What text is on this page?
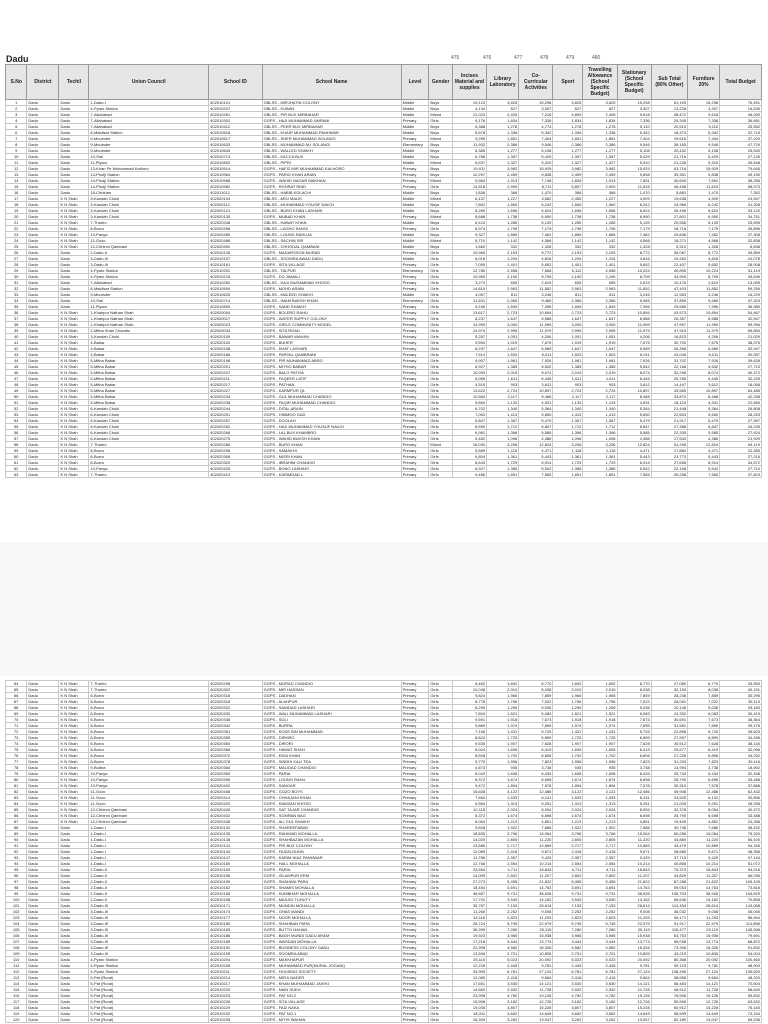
Dadu	475	476	477	478	479	480
S.No	District	Techil	Union Council	School ID	School Name	Level	Gender	Incises Material and supplies	Library Laboratory	Co-Curricular Activities	Sport	Travelling Allowance (School Specific Budget)	Stationary (School Specific Budget)	Sub Total (80% Other)	Furniture 20%	Total Budget
1	Dadu	Dadu	1-Dadu-I	402010101	GBLSS - MIRJHATIN COLONY	Middle	Boys	19,123	3,825	15,298	3,825	3,825	15,298	61,193	15,298	76,491
2	Dadu	Dadu	4-Pyaro Station	402010207	GBLSS - KUBAN	Middle	Boys	4,134	827	3,307	827	827	3,307	13,228	3,307	16,535
3	Dadu	Dadu	7-Allahabad	402010281	GBLSS - PIR BUX MIRBAHAR	Middle	Mixed	12,023	2,405	7,216	4,809	2,405	9,618	38,472	9,618	48,090
4	Dadu	Dadu	7-Allahabad	402010302	GGPS - HAJI MUHAMMAD UMRANI	Primary	Girls	9,176	1,834	7,336	1,834	1,834	7,336	29,345	7,336	36,681
5	Dadu	Dadu	7-Allahabad	402010412	GBLSS - PEER BUX MIRBAHAR	Middle	Boys	6,388	1,278	4,774	1,278	1,278	5,110	20,510	5,110	25,552
6	Dadu	Dadu	8-Maldisar Station	402010518	GBLSS - KHAIR MUHAMMAD PANHWAR	Middle	Boys	6,678	1,336	5,342	1,336	1,336	5,342	18,373	5,342	22,715
7	Dadu	Dadu	9-Mouinder	402010617	GBLSS - SHER MUHAMMAD SOLANGI	Primary	Mixed	9,255	1,851	7,404	1,851	1,851	7,404	29,616	7,404	37,020
8	Dadu	Dadu	9-Mouinder	402010633	GBLSS - MUHAMMAD ALI SOLANGI	Elementary	Boys	11,932	2,386	9,546	2,386	2,386	9,546	38,183	9,546	47,729
9	Dadu	Dadu	9-Mouinder	402010645	GBLSS - WALLED SHAIKH	Middle	Boys	6,385	1,277	5,108	1,277	1,277	5,108	20,432	5,108	25,540
10	Dadu	Dadu	10-Sial	402010713	GBLSS - KACCA BUX	Middle	Boys	6,786	1,357	5,429	1,357	1,357	5,429	21,716	5,429	27,145
11	Dadu	Dadu	11-Piyaro	402010802	GBLSS - PIPRI	Middle	Mixed	6,637	1,327	5,310	1,327	1,327	5,310	21,238	5,310	26,548
12	Dadu	Dadu	13-Khan Pir Muhammad Kalhoro	402010914	GGPS - HAFIZ MIR MUHAMMAD KALHORO	Primary	Boys	19,911	3,982	15,929	3,982	3,982	15,929	63,716	15,929	79,645
13	Dadu	Dadu	14-Phulji Station	402010964	GGPS - PARIO KHAN ARAIN	Primary	Boys	12,297	2,459	9,838	2,459	2,459	9,838	39,351	9,838	49,190
14	Dadu	Dadu	14-Phulji Station	402010968	GGPS - WAHID NAGAR MAKHAN	Primary	Mixed	9,564	1,913	7,748	1,826	1,913	7,651	30,605	7,651	38,256
15	Dadu	Dadu	14-Phulji Station	402010982	GGPS - ROHRAT RIND	Primary	Girls	14,518	2,900	8,711	5,807	2,900	11,615	46,458	11,615	58,073
16	Dadu	Dadu	18-Chhirian	402011012	GBLSS - HABIB KOLACHI	Middle	Boys	1,838	368	1,470	368	368	1,470	5,881	1,470	7,352
17	Dadu	K N Shah	3-Kandah Chuki	402020104	GBLSS - ARIJ MALIK	Middle	Mixed	6,137	1,227	3,682	2,455	1,227	4,909	19,638	4,909	24,547
18	Dadu	K N Shah	3-Kandah Chuki	402020112	GBLSS - MUHAMMAD YOUSIF NAICH	Middle	Boys	7,802	1,560	6,242	1,560	1,560	6,242	24,966	6,242	31,208
19	Dadu	K N Shah	3-Kandah Chuki	402020121	GBLSS - BURO KHAN LASHARI	Middle	Boys	8,280	1,656	6,624	1,656	1,656	6,624	26,496	6,624	33,120
20	Dadu	K N Shah	3-Kandah Chuki	402020135	GGPS - MUBAD KHAN	Primary	Mixed	8,688	1,738	6,950	1,738	1,738	6,950	27,801	6,950	34,751
21	Dadu	K N Shah	7-Thariro	402020248	GBLSS - HAWAT KHAN	Middle	Boys	6,424	1,285	5,139	1,285	1,285	5,139	20,556	5,139	25,695
22	Dadu	K N Shah	8-Burra	402020398	GBLSS - LAGHO SANGI	Primary	Girls	8,974	1,795	7,179	1,795	1,795	7,179	28,718	7,179	35,896
23	Dadu	K N Shah	10-Panya	402020480	GBLSS - LOUNG RAHUJA	Middle	Boys	9,327	1,865	7,462	1,865	1,865	7,462	29,846	7,462	37,308
24	Dadu	K N Shah	11-Gozo	402020486	GBLSS - SACHIN SIR	Middle	Mixed	5,710	1,142	4,568	1,142	1,142	4,568	18,271	4,568	22,838
25	Dadu	K N Shah	12-Chhinni Qambani	402020492	GBLSS - CHHODAL QAMBANI	Middle	Boys	1,660	332	1,328	332	332	1,328	5,310	1,328	6,638
26	Dadu	Dadu	2-Dadu-II	402010128	GGPS - MADARSSON MURAD	Primary	Girls	10,965	2,193	8,772	2,193	2,193	8,772	35,087	8,772	43,859
27	Dadu	Dadu	3-Dadu-III	402010157	GBLSS - SOOMRA AWAD DADU	Middle	Girls	6,018	1,204	4,816	1,204	1,204	4,816	19,262	4,816	24,078
28	Dadu	Dadu	3-Dadu-III	402010161	GGPS - SITA VILLAGE	Primary	Girls	7,055	1,401	5,652	1,401	1,401	5,652	22,407	5,652	28,008
29	Dadu	Dadu	4-Pyaro Station	402010202	GBLSS - TALPUR	Elementary	Girls	12,780	2,556	7,668	5,112	2,556	10,224	40,895	10,224	51,119
30	Dadu	Dadu	4-Pyaro Station	402010216	GGPS - DO JAMALI	Primary	Girls	10,950	2,190	8,709	2,190	2,190	8,709	34,909	8,709	43,636
31	Dadu	Dadu	7-Allahabad	402010282	GBLSS - HAJI MUHAMMAD KHOSO	Primary	Girls	3,274	655	2,619	655	655	2,619	10,476	2,619	13,095
32	Dadu	Dadu	8-Maldisar Station	402010500	GGPS - MOHD ARAIN	Primary	Girls	14,815	2,963	11,852	2,963	2,963	11,852	47,403	11,852	59,255
33	Dadu	Dadu	9-Mouinder	402010625	GBLSS - MALEED SHAIKH	Middle	Girls	4,057	811	3,246	811	811	3,246	12,983	3,246	16,229
34	Dadu	Dadu	10-Sial	402010714	GBLSS - IMAM BAKSH KHAN	Elementary	Girls	11,831	2,366	9,465	2,366	2,366	9,465	37,859	9,465	47,324
35	Dadu	Dadu	11-Piyaro	402010809	GGPS - SAND SHAIKH	Primary	Girls	9,245	1,849	7,396	1,849	1,849	7,396	29,585	7,396	36,980
36	Dadu	K N Shah	1-Khairpur Nathan Shah	402020004	GGPS - BOLERO RAHU	Primary	Girls	13,617	2,723	10,894	2,723	2,723	10,894	43,573	10,894	54,467
37	Dadu	K N Shah	1-Khairpur Nathan Shah	402020017	GGPS - WATER SUPPLY COLONY	Primary	Girls	8,237	1,647	6,588	1,647	1,647	6,588	26,357	6,588	32,947
38	Dadu	K N Shah	1-Khairpur Nathan Shah	402020023	GGPS - GIRLS COMMUNITY MODEL	Primary	Girls	14,999	3,000	11,999	3,000	3,000	11,999	47,997	11,999	59,996
39	Dadu	K N Shah	2-Mitha Khan Chandio	402020034	GGPS - SITA ROAD	Primary	Girls	14,974	2,995	11,979	2,995	2,995	11,979	47,915	11,979	59,894
40	Dadu	K N Shah	3-Kandah Chuki	402020109	GGPS - BAWAR WAHAN	Primary	Girls	5,257	1,051	4,206	1,051	1,051	4,206	16,823	4,206	21,029
41	Dadu	K N Shah	4-Babar	402020153	GGPS - BUHER	Primary	Girls	9,594	1,919	7,675	1,919	1,919	7,675	30,700	7,675	38,375
42	Dadu	K N Shah	4-Babar	402020158	GGPS - KHAT LASHARI	Primary	Girls	8,237	1,647	6,589	1,647	1,647	6,589	26,358	6,589	32,947
43	Dadu	K N Shah	4-Babar	402020186	GGPS - PARYAL QAMBRANI	Primary	Girls	7,514	1,503	6,011	1,503	1,503	6,011	24,045	6,011	30,057
44	Dadu	K N Shah	5-Mitha Babar	402020198	GGPS - PIR MUHAMMAD ABRO	Primary	Girls	9,907	1,981	7,926	1,981	1,981	7,926	31,702	7,926	39,628
45	Dadu	K N Shah	5-Mitha Babar	402020201	GGPS - MITHO BABAR	Primary	Girls	6,927	1,385	5,542	1,385	1,385	5,542	22,168	5,542	27,710
46	Dadu	K N Shah	5-Mitha Babar	402020207	GGPS - BALO PATIYA	Primary	Girls	10,093	2,019	8,074	2,019	2,019	8,074	32,298	8,074	40,372
47	Dadu	K N Shah	5-Mitha Babar	402020211	GGPS - FAQEER LATIF	Primary	Girls	8,056	1,611	6,445	1,611	1,611	6,445	25,780	6,445	32,225
48	Dadu	K N Shah	5-Mitha Babar	402020217	GGPS - PATHAN	Primary	Girls	4,515	903	3,612	903	903	3,612	14,447	3,612	18,058
49	Dadu	K N Shah	5-Mitha Babar	402020227	GGPS - KARMPUR QL	Primary	Girls	13,622	2,724	10,897	2,724	2,724	10,897	43,589	10,897	54,486
50	Dadu	K N Shah	5-Mitha Babar	402020234	GGPS - GUL MUHAMMAD CHANDIO	Primary	Girls	10,584	2,117	8,468	2,117	2,117	8,468	33,870	8,468	42,338
51	Dadu	K N Shah	5-Mitha Babar	402020238	GGPS - FAQIR MUHAMMAD CHANDIO	Primary	Girls	5,664	1,133	4,531	1,133	1,133	4,531	18,124	4,531	22,655
52	Dadu	K N Shah	6-Kandah Chuki	402020244	GGPS - DITAL ARAIN	Primary	Girls	6,702	1,340	5,364	1,340	1,340	5,364	21,448	5,364	26,808
53	Dadu	K N Shah	6-Kandah Chuki	402020251	GGPS - HIMMOO GAD	Primary	Girls	7,063	1,413	5,650	1,413	1,413	5,650	22,603	5,650	28,253
54	Dadu	K N Shah	6-Kandah Chuki	402020257	GGPS - DOOLAH	Primary	Girls	6,847	1,367	5,479	1,367	1,367	5,479	21,917	5,479	27,397
55	Dadu	K N Shah	6-Kandah Chuki	402020262	GGPS - HAJI MUHAMMAD YOUSUF NAICH	Primary	Girls	8,559	1,712	6,847	1,712	1,712	6,847	27,388	6,847	34,235
56	Dadu	K N Shah	6-Kandah Chuki	402020268	GGPS - LAL BUX KHAMBRO	Primary	Girls	6,981	1,396	5,585	1,396	1,396	5,585	22,339	5,585	27,924
57	Dadu	K N Shah	6-Kandah Chuki	402020275	GGPS - WAHID BUKSH KHANI	Primary	Girls	5,482	1,096	4,386	1,096	1,096	4,386	17,543	4,386	21,929
58	Dadu	K N Shah	7-Thariro	402020280	GGPS - BURO KHAN	Primary	Mixed	16,030	3,206	12,824	3,206	3,206	12,824	51,295	12,824	64,119
59	Dadu	K N Shah	8-Burra	402020296	GGPS - SAMAKHI	Primary	Girls	5,589	1,118	4,471	1,118	1,118	4,471	17,884	4,471	22,355
60	Dadu	K N Shah	8-Burra	402020308	GGPS - MISRI KHAN	Primary	Girls	6,804	1,361	5,443	1,361	1,361	5,443	21,773	5,443	27,216
61	Dadu	K N Shah	8-Burra	402020320	GGPS - IBRAHIM CHANDIO	Primary	Girls	8,643	1,729	6,914	1,729	1,729	6,914	27,658	6,914	34,572
62	Dadu	K N Shah	10-Panya	402020425	GGPS - BONO LASHARI	Primary	Girls	6,927	1,385	5,542	1,385	1,385	5,542	22,168	5,542	27,710
63	Dadu	K N Shah	7-Thariro	402020413	GGPS - KARIMDAD L	Primary	Girls	9,456	1,891	7,565	1,891	1,891	7,565	30,258	7,565	37,823
64	Dadu	K N Shah	7-Thariro	402020298	GGPS - MORAD CHANDIO	Primary	Girls	8,462	1,692	6,770	1,692	1,692	6,770	27,080	6,770	33,850
65	Dadu	K N Shah	7-Thariro	402020302	GGPS - MIR HASSAN	Primary	Girls	10,048	2,010	8,038	2,010	2,010	8,038	32,153	8,038	40,191
66	Dadu	K N Shah	8-Burra	402020316	GGPS - DADHAN	Primary	Girls	9,824	1,965	7,859	1,965	1,965	7,859	28,236	7,859	35,295
67	Dadu	K N Shah	8-Burra	402020318	GGPS - ALAHPUR	Primary	Girls	8,778	1,756	7,022	1,756	1,756	7,022	28,091	7,022	35,113
68	Dadu	K N Shah	8-Burra	402020322	GGPS - SAINDAD LASHARI	Primary	Girls	6,295	1,259	5,036	1,259	1,259	5,036	20,146	5,036	25,183
69	Dadu	K N Shah	8-Burra	402020330	GGPS - WALI MUHAMMAD LASHARI	Primary	Girls	7,604	1,521	6,083	1,521	1,521	6,083	24,332	6,083	30,415
70	Dadu	K N Shah	8-Burra	402020336	GGPS - SOLI	Primary	Girls	9,591	1,918	7,673	1,918	1,918	7,673	30,691	7,673	38,364
71	Dadu	K N Shah	8-Burra	402020342	GGPS - BURRA	Primary	Girls	9,869	1,974	7,895	1,974	1,974	7,895	31,581	7,895	39,476
72	Dadu	K N Shah	8-Burra	402020351	GGPS - KODE BIN MUHAMMAD	Primary	Girls	7,156	1,431	5,725	1,431	1,431	5,725	22,898	5,725	28,623
73	Dadu	K N Shah	8-Burra	402020355	GGPS - DIRHRO	Primary	Girls	8,624	1,725	6,899	1,725	1,725	6,899	27,597	6,899	34,496
74	Dadu	K N Shah	8-Burra	402020360	GGPS - DIRORI	Primary	Girls	9,535	1,907	7,628	1,907	1,907	7,628	30,512	7,628	38,140
75	Dadu	K N Shah	8-Burra	402020366	GGPS - HAWAT SHAH	Primary	Girls	8,024	1,605	6,419	1,605	1,605	6,419	25,677	6,419	32,096
76	Dadu	K N Shah	8-Burra	402020372	GGPS - EIDA KHAN	Primary	Girls	8,508	1,702	6,806	1,702	1,702	6,806	27,226	6,806	34,032
77	Dadu	K N Shah	8-Burra	402020378	GGPS - SINDHI KALI TEA	Primary	Girls	9,779	1,956	7,823	1,956	1,956	7,823	31,293	7,823	39,116
78	Dadu	K N Shah	9-Bulbra	402020384	GGPS - MALIDAD CHANDIO	Primary	Girls	4,673	935	3,738	935	935	3,738	14,954	3,738	18,692
79	Dadu	K N Shah	10-Panya	402020390	GGPS - PARIA	Primary	Girls	8,042	1,608	6,434	1,608	1,608	6,434	25,734	6,434	32,168
80	Dadu	K N Shah	10-Panya	402020396	GGPS - LOUNG RAHU	Primary	Girls	8,372	1,674	6,698	1,674	1,674	6,698	26,790	6,698	33,488
81	Dadu	K N Shah	10-Panya	402020402	GGPS - SANGAR	Primary	Girls	9,472	1,894	7,578	1,894	1,894	7,578	30,310	7,578	37,888
82	Dadu	K N Shah	11-Gozo	402020408	GGPS - GOZO BOYS	Primary	Girls	15,608	3,122	12,486	3,122	3,122	12,486	49,946	12,486	62,432
83	Dadu	K N Shah	11-Gozo	402020414	GGPS - CHHAJANI KHAN	Primary	Girls	7,664	1,533	6,131	1,533	1,533	6,131	24,525	6,131	30,656
84	Dadu	K N Shah	11-Gozo	402020420	GGPS - RAMZAN KHOSO	Primary	Girls	6,564	1,313	5,251	1,313	1,313	5,251	21,005	5,251	26,256
85	Dadu	K N Shah	12-Chhinni Qambani	402020426	GGPS - SAT TAJAR CHANDIO	Primary	Girls	10,118	2,024	8,094	2,024	2,024	8,094	32,378	8,094	40,472
86	Dadu	K N Shah	12-Chhinni Qambani	402020432	GGPS - SOMRAN BAG	Primary	Girls	8,372	1,674	6,698	1,674	1,674	6,698	26,790	6,698	33,488
87	Dadu	K N Shah	12-Chhinni Qambani	402020438	GGPS - ALI GUL SHAIKH	Primary	Girls	6,064	1,213	4,851	1,213	1,213	4,851	19,405	4,851	24,256
88	Dadu	Dadu	1-Dadu-I	402010132	GGPS - SHAREEFABAD	Primary	Girls	9,608	1,922	7,686	1,922	1,922	7,686	30,746	7,686	38,432
89	Dadu	Dadu	1-Dadu-I	402010135	GGPS - RAHIMAD MOHALLA	Primary	Girls	18,830	3,766	15,064	3,766	3,766	15,064	60,256	15,064	75,320
90	Dadu	Dadu	1-Dadu-I	402010138	GGPS - SHAHBAZAN MOHALLA	Primary	Girls	14,025	2,805	11,220	2,805	2,805	11,220	44,880	11,220	56,100
91	Dadu	Dadu	1-Dadu-I	402010141	GGPS - PIR BUX COLONY	Primary	Girls	13,586	2,717	10,869	2,717	2,717	10,869	43,476	10,869	54,345
92	Dadu	Dadu	1-Dadu-I	402010144	GGPS - FAIZALGUNN	Primary	Girls	12,089	2,418	9,671	2,418	2,418	9,671	38,685	9,671	48,356
93	Dadu	Dadu	1-Dadu-I	402010147	GGPS - KARIM NIAZ PANHWAR	Primary	Girls	11,786	2,357	9,429	2,357	2,357	9,429	37,715	9,429	47,144
94	Dadu	Dadu	1-Dadu-I	402010150	GGPS - HALL MOHALLA	Primary	Girls	12,768	2,554	10,214	2,554	2,554	10,214	40,858	10,214	51,072
95	Dadu	Dadu	2-Dadu-II	402010153	GGPS - PARIA	Primary	Girls	23,554	4,711	18,843	4,711	4,711	18,843	75,373	18,843	94,216
96	Dadu	Dadu	2-Dadu-II	402010156	GGPS - ISLAMPUR ERM	Primary	Girls	14,009	2,802	11,207	2,802	2,802	11,207	44,829	11,207	56,036
97	Dadu	Dadu	2-Dadu-II	402010159	GGPS - SHAHANI PARA	Primary	Girls	27,273	5,455	21,822	5,455	5,455	21,822	87,288	21,822	109,109
98	Dadu	Dadu	2-Dadu-II	402010162	GGPS - SHAMIS MOHALLA	Primary	Girls	18,454	3,691	14,763	3,691	3,691	14,763	59,053	14,763	73,816
99	Dadu	Dadu	2-Dadu-II	402010165	GGPS - KUMBHAR MOHALLA	Primary	Girls	48,657	9,731	38,926	9,731	9,731	38,926	155,703	38,926	194,629
100	Dadu	Dadu	2-Dadu-II	402010168	GGPS - MASJID TUHUTY	Primary	Girls	17,702	3,540	14,162	3,540	3,540	14,162	56,646	14,162	70,808
101	Dadu	Dadu	3-Dadu-III	402010171	GGPS - MUNDIN MOHALLA	Primary	Girls	35,767	7,153	28,614	7,153	7,153	28,614	114,454	28,614	143,068
102	Dadu	Dadu	3-Dadu-III	402010174	GGPS - GHAS MANDI	Primary	Girls	11,260	2,252	9,008	2,252	2,252	9,008	36,032	9,008	45,040
103	Dadu	Dadu	3-Dadu-III	402010177	GGPS - NOOR MOHALLA	Primary	Girls	14,116	2,823	11,293	2,823	2,823	11,293	45,171	11,293	56,464
104	Dadu	Dadu	3-Dadu-III	402010180	GGPS - SHAHBAN PARA	Primary	Girls	28,724	5,745	22,979	5,745	5,745	22,979	91,917	22,979	114,896
105	Dadu	Dadu	3-Dadu-III	402010183	GGPS - BUTTO NAHAN	Primary	Girls	36,399	7,280	29,119	7,280	7,280	29,119	116,477	29,119	145,596
106	Dadu	Dadu	3-Dadu-III	402010186	GGPS - BAGH MUNDI DADU ARAM	Primary	Girls	19,923	3,985	15,938	3,985	3,985	15,938	63,753	15,938	79,691
107	Dadu	Dadu	3-Dadu-III	402010189	GGPS - WASDAN MOHALLA	Primary	Girls	17,218	3,444	13,774	3,444	3,444	13,774	55,098	13,774	68,872
108	Dadu	Dadu	3-Dadu-III	402010192	GGPS - BUSINESS COLONY DADU	Primary	Girls	22,908	4,582	18,326	4,582	4,582	18,326	73,306	18,326	91,632
109	Dadu	Dadu	3-Dadu-III	402010195	GGPS - SOOMRA ABAD	Primary	Girls	13,506	2,701	10,805	2,701	2,701	10,805	43,219	10,805	54,024
110	Dadu	Dadu	4-Pyaro Station	402010204	GGPS - MAKKHAPUR	Primary	Girls	25,115	5,023	20,092	5,023	5,023	20,092	80,368	20,092	100,460
111	Dadu	Dadu	4-Pyaro Station	402010208	GGPS - MUHAMMAD PUR(MURAL JOGANI)	Primary	Girls	12,226	2,445	9,781	2,445	2,445	9,781	39,123	9,781	48,904
112	Dadu	Dadu	4-Pyaro Station	402010211	GGPS - HOUSING SOCIETY	Primary	Girls	33,905	6,781	27,124	6,781	6,781	27,124	108,496	27,124	135,620
113	Dadu	Dadu	5-Pat (Rural)	402010214	GGPS - MIRJI NADER	Primary	Girls	12,080	2,416	9,664	2,416	2,416	9,664	38,656	9,664	48,320
114	Dadu	Dadu	5-Pat (Rural)	402010217	GGPS - KHAN MUHAMMAD JAKHO	Primary	Girls	17,651	3,530	14,121	3,530	3,530	14,121	56,483	14,121	70,604
115	Dadu	Dadu	5-Pat (Rural)	402010220	GGPS - NAIN SUKH	Primary	Girls	14,660	2,932	11,728	2,932	2,932	11,728	46,912	11,728	58,640
116	Dadu	Dadu	5-Pat (Rural)	402010223	GGPS - PAT NO.2	Primary	Girls	23,908	4,782	19,126	4,782	4,782	19,126	76,506	19,126	95,632
117	Dadu	Dadu	5-Pat (Rural)	402010226	GGPS - SITA VILLAGE	Primary	Girls	15,908	3,182	12,726	3,182	3,182	12,726	50,906	12,726	63,632
118	Dadu	Dadu	5-Pat (Rural)	402010229	GGPS - FAIZ NAKA	Primary	Girls	19,035	3,807	15,228	3,807	3,807	15,228	60,912	15,228	76,140
119	Dadu	Dadu	5-Pat (Rural)	402010232	GGPS - PAT NO.1	Primary	Girls	18,311	3,662	14,649	3,662	3,662	14,649	58,595	14,649	73,244
120	Dadu	Dadu	5-Pat (Rural)	402010235	GGPS - MITHI WAHAN	Primary	Girls	16,309	3,262	13,047	3,262	3,262	13,047	52,189	13,047	65,236
